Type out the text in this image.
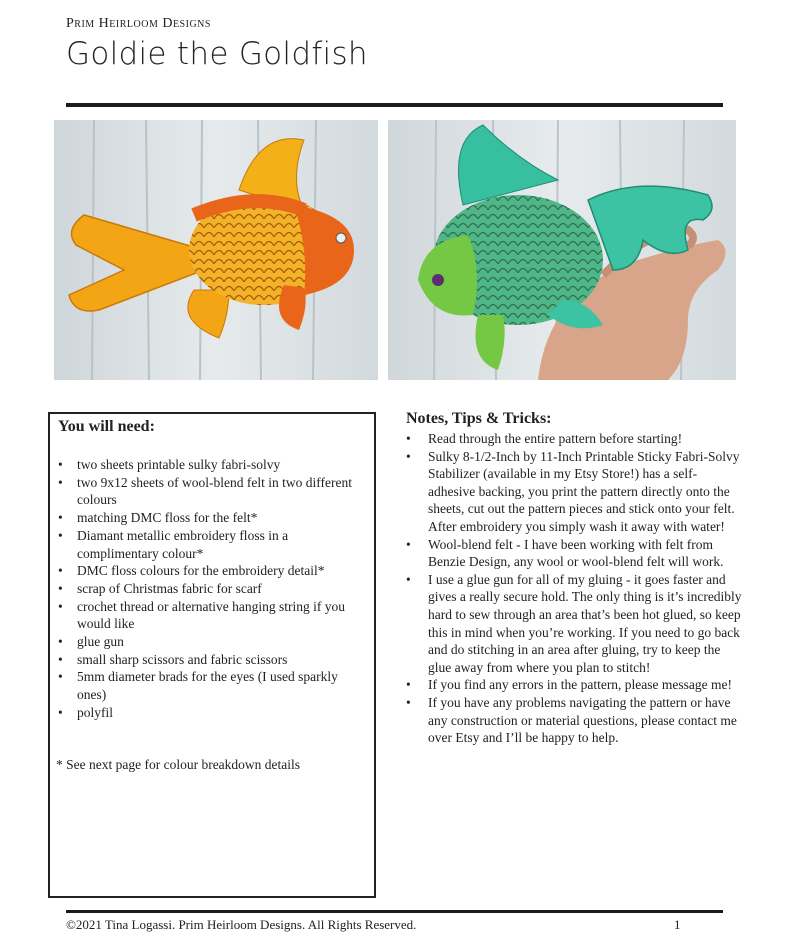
Prim Heirloom Designs
Goldie the Goldfish
You will need:
• two sheets printable sulky fabri-solvy
• two 9x12 sheets of wool-blend felt in two different colours
• matching DMC floss for the felt*
• Diamant metallic embroidery floss in a complimentary colour*
• DMC floss colours for the embroidery detail*
• scrap of Christmas fabric for scarf
• crochet thread or alternative hanging string if you would like
• glue gun
• small sharp scissors and fabric scissors
• 5mm diameter brads for the eyes (I used sparkly ones)
• polyfil
* See next page for colour breakdown details
Notes, Tips & Tricks:
• Read through the entire pattern before starting!
• Sulky 8-1/2-Inch by 11-Inch Printable Sticky Fabri-Solvy Stabilizer (available in my Etsy Store!) has a self-adhesive backing, you print the pattern directly onto the sheets, cut out the pattern pieces and stick onto your felt. After embroidery you simply wash it away with water!
• Wool-blend felt - I have been working with felt from Benzie Design, any wool or wool-blend felt will work.
• I use a glue gun for all of my gluing - it goes faster and gives a really secure hold. The only thing is it’s incredibly hard to sew through an area that’s been hot glued, so keep this in mind when you’re working. If you need to go back and do stitching in an area after gluing, try to keep the glue away from where you plan to stitch!
• If you find any errors in the pattern, please message me!
• If you have any problems navigating the pattern or have any construction or material questions, please contact me over Etsy and I’ll be happy to help.
©2021 Tina Logassi. Prim Heirloom Designs. All Rights Reserved.	1
